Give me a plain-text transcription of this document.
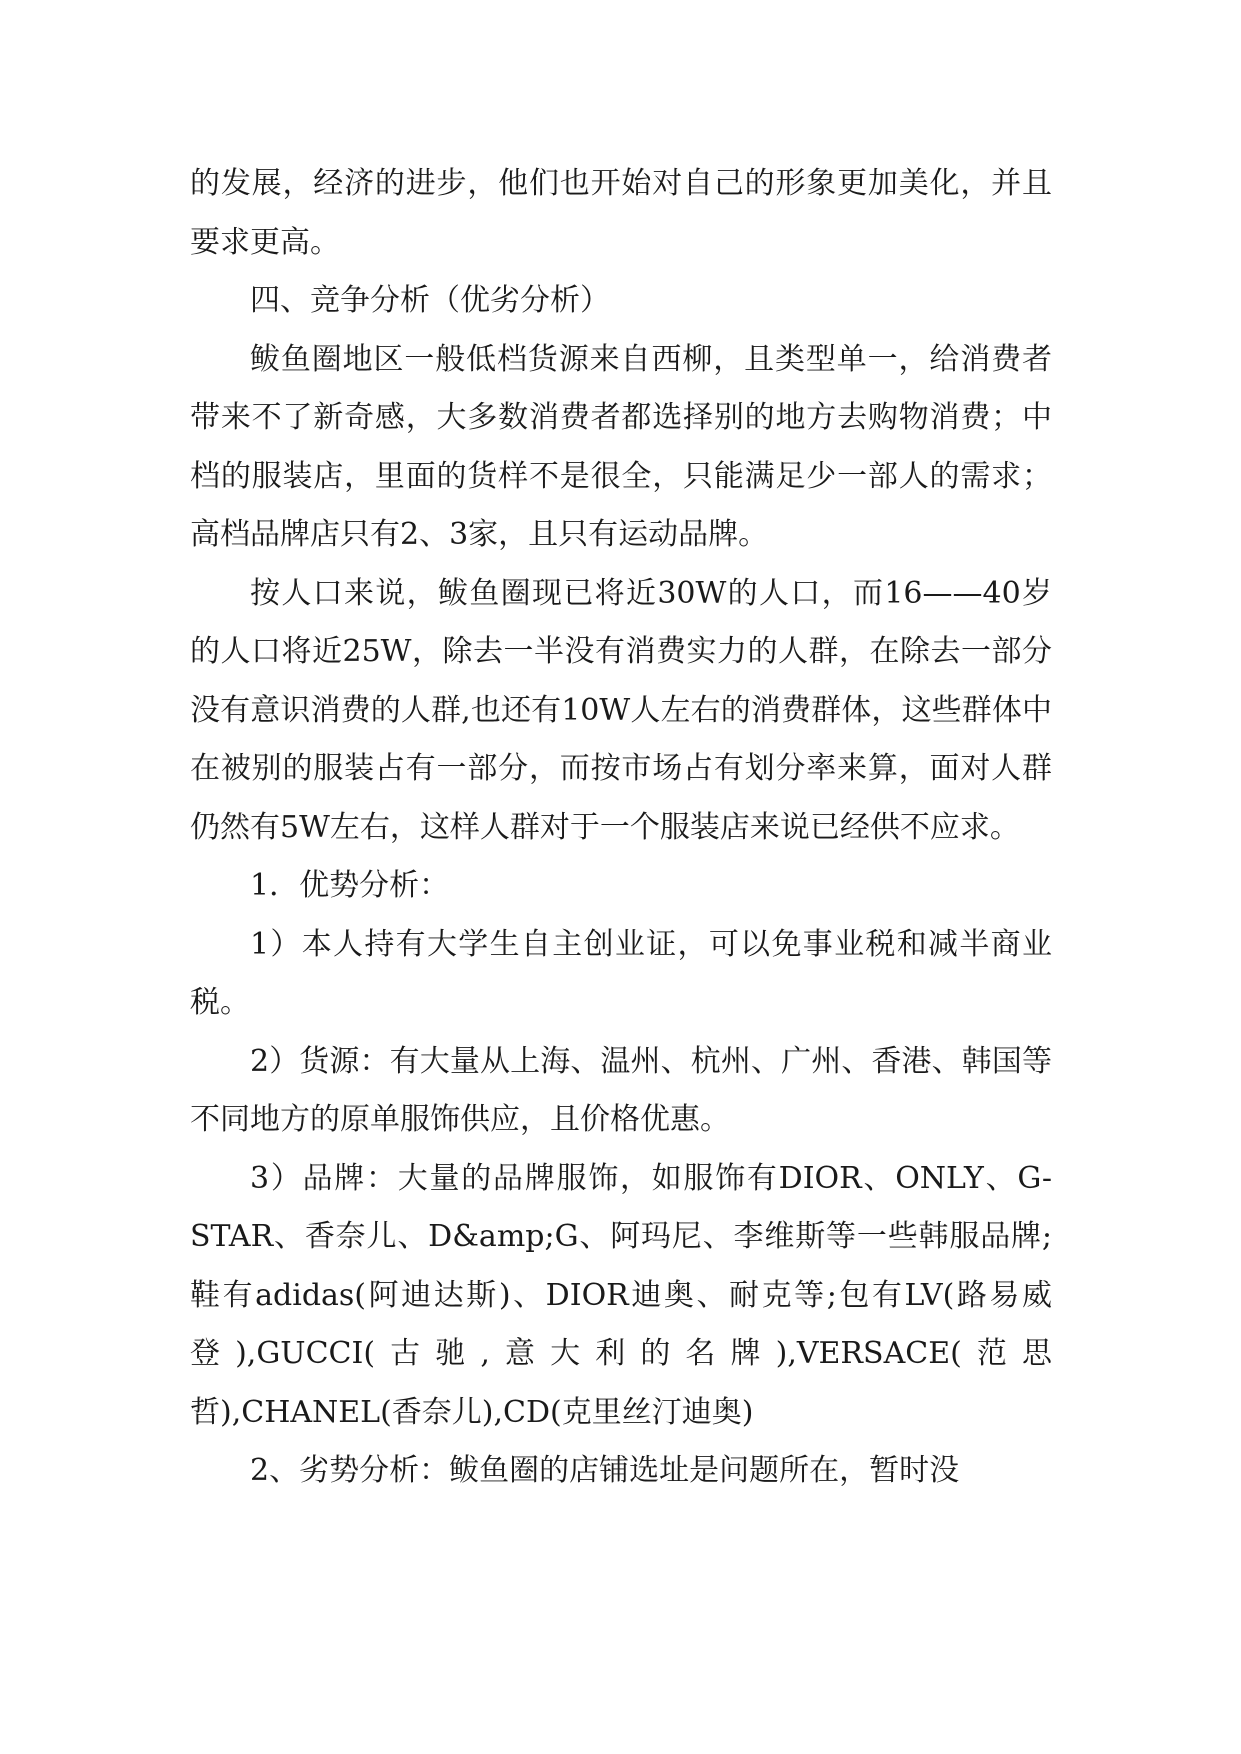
的发展，经济的进步，他们也开始对自己的形象更加美化，并且要求更高。

四、竞争分析（优劣分析）

鲅鱼圈地区一般低档货源来自西柳，且类型单一，给消费者带来不了新奇感，大多数消费者都选择别的地方去购物消费；中档的服装店，里面的货样不是很全，只能满足少一部人的需求；高档品牌店只有2、3家，且只有运动品牌。

按人口来说，鲅鱼圈现已将近30W的人口，而16——40岁的人口将近25W，除去一半没有消费实力的人群，在除去一部分没有意识消费的人群,也还有10W人左右的消费群体，这些群体中在被别的服装占有一部分，而按市场占有划分率来算，面对人群仍然有5W左右，这样人群对于一个服装店来说已经供不应求。

1．优势分析：

1）本人持有大学生自主创业证，可以免事业税和减半商业税。

2）货源：有大量从上海、温州、杭州、广州、香港、韩国等不同地方的原单服饰供应，且价格优惠。

3）品牌：大量的品牌服饰，如服饰有DIOR、ONLY、G-STAR、香奈儿、D&amp;G、阿玛尼、李维斯等一些韩服品牌;鞋有adidas(阿迪达斯)、DIOR迪奥、耐克等;包有LV(路易威登),GUCCI(古驰,意大利的名牌),VERSACE(范思哲),CHANEL(香奈儿),CD(克里丝汀迪奥)

2、劣势分析：鲅鱼圈的店铺选址是问题所在，暂时没
